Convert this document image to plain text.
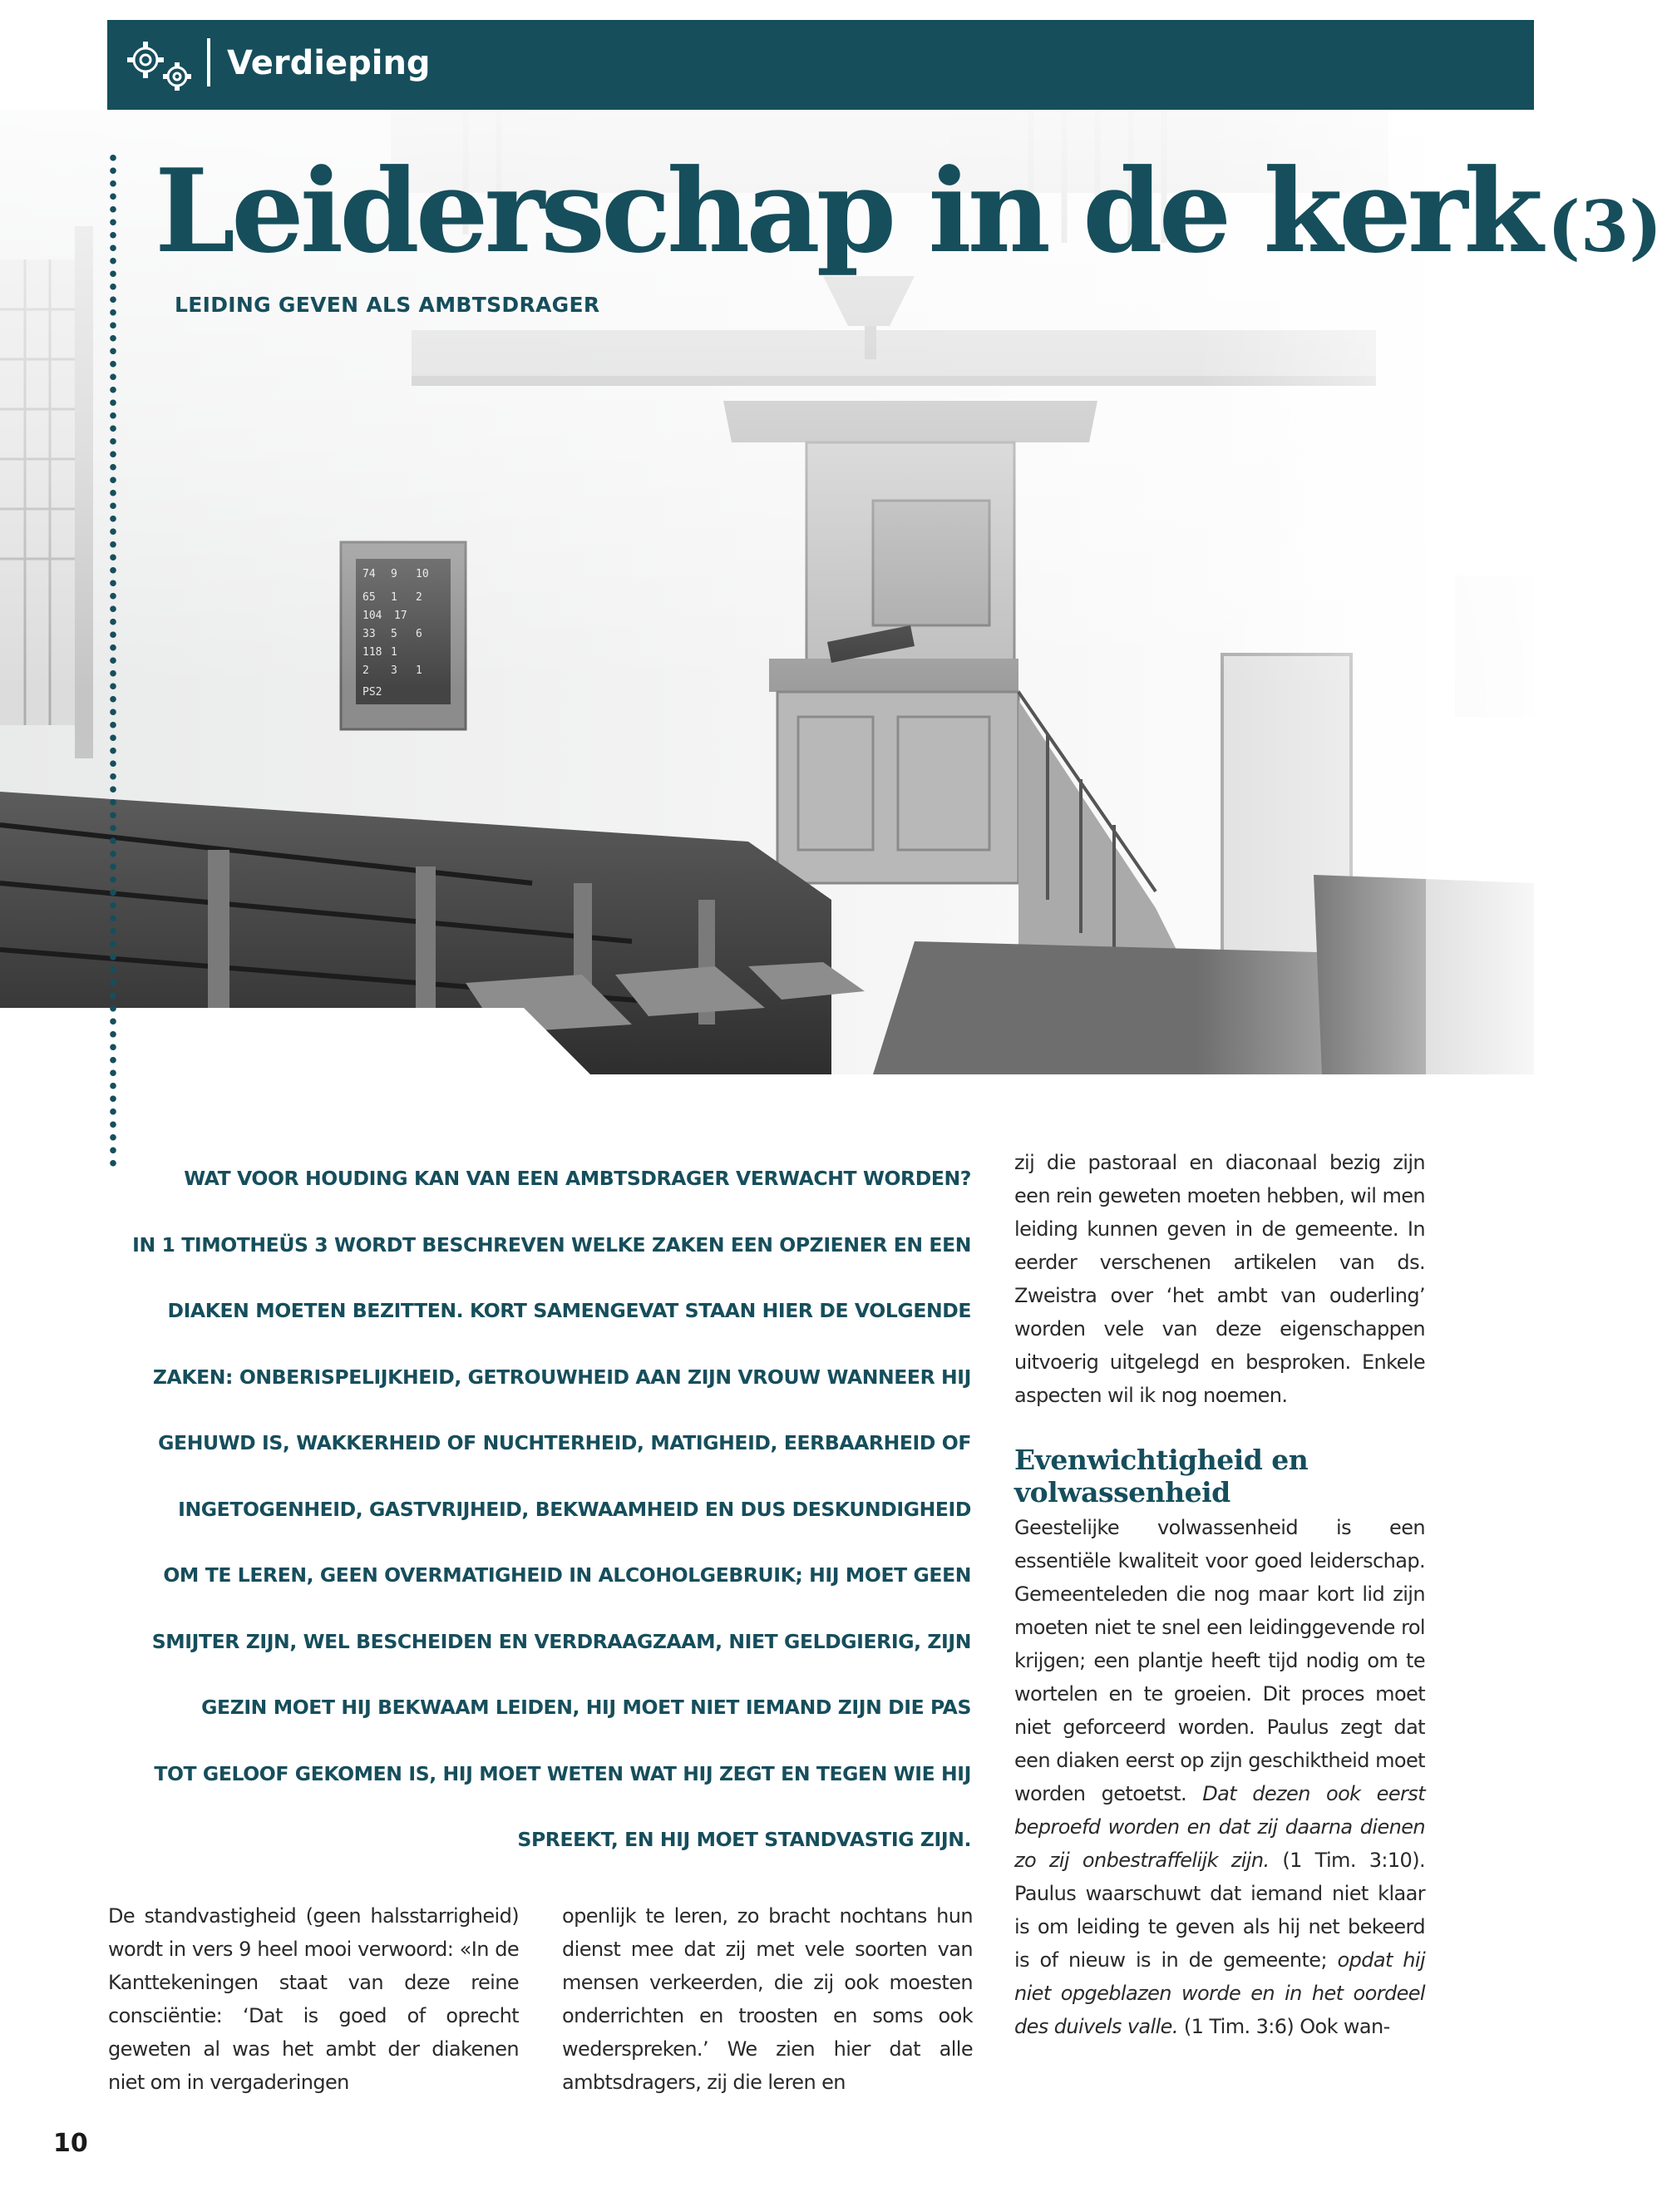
Verdieping
Leiderschap in de kerk (3)
LEIDING GEVEN ALS AMBTSDRAGER
WAT VOOR HOUDING KAN VAN EEN AMBTSDRAGER VERWACHT WORDEN?
IN 1 TIMOTHEÜS 3 WORDT BESCHREVEN WELKE ZAKEN EEN OPZIENER EN EEN
DIAKEN MOETEN BEZITTEN. KORT SAMENGEVAT STAAN HIER DE VOLGENDE
ZAKEN: ONBERISPELIJKHEID, GETROUWHEID AAN ZIJN VROUW WANNEER HIJ
GEHUWD IS, WAKKERHEID OF NUCHTERHEID, MATIGHEID, EERBAARHEID OF
INGETOGENHEID, GASTVRIJHEID, BEKWAAMHEID EN DUS DESKUNDIGHEID
OM TE LEREN, GEEN OVERMATIGHEID IN ALCOHOLGEBRUIK; HIJ MOET GEEN
SMIJTER ZIJN, WEL BESCHEIDEN EN VERDRAAGZAAM, NIET GELDGIERIG, ZIJN
GEZIN MOET HIJ BEKWAAM LEIDEN, HIJ MOET NIET IEMAND ZIJN DIE PAS
TOT GELOOF GEKOMEN IS, HIJ MOET WETEN WAT HIJ ZEGT EN TEGEN WIE HIJ
SPREEKT, EN HIJ MOET STANDVASTIG ZIJN.

De standvastigheid (geen halsstarrigheid) wordt in vers 9 heel mooi verwoord: «In de Kanttekeningen staat van deze reine consciëntie: ‘Dat is goed of oprecht geweten al was het ambt der diakenen niet om in vergaderingen

openlijk te leren, zo bracht nochtans hun dienst mee dat zij met vele soorten van mensen verkeerden, die zij ook moesten onderrichten en troosten en soms ook wederspreken.’ We zien hier dat alle ambtsdragers, zij die leren en

zij die pastoraal en diaconaal bezig zijn een rein geweten moeten hebben, wil men leiding kunnen geven in de gemeente. In eerder verschenen artikelen van ds. Zweistra over ‘het ambt van ouderling’ worden vele van deze eigenschappen uitvoerig uitgelegd en besproken. Enkele aspecten wil ik nog noemen.

Evenwichtigheid en volwassenheid

Geestelijke volwassenheid is een essentiële kwaliteit voor goed leiderschap. Gemeenteleden die nog maar kort lid zijn moeten niet te snel een leidinggevende rol krijgen; een plantje heeft tijd nodig om te wortelen en te groeien. Dit proces moet niet geforceerd worden. Paulus zegt dat een diaken eerst op zijn geschiktheid moet worden getoetst. Dat dezen ook eerst beproefd worden en dat zij daarna dienen zo zij onbestraffelijk zijn. (1 Tim. 3:10). Paulus waarschuwt dat iemand niet klaar is om leiding te geven als hij net bekeerd is of nieuw is in de gemeente; opdat hij niet opgeblazen worde en in het oordeel des duivels valle. (1 Tim. 3:6) Ook wan-

10
